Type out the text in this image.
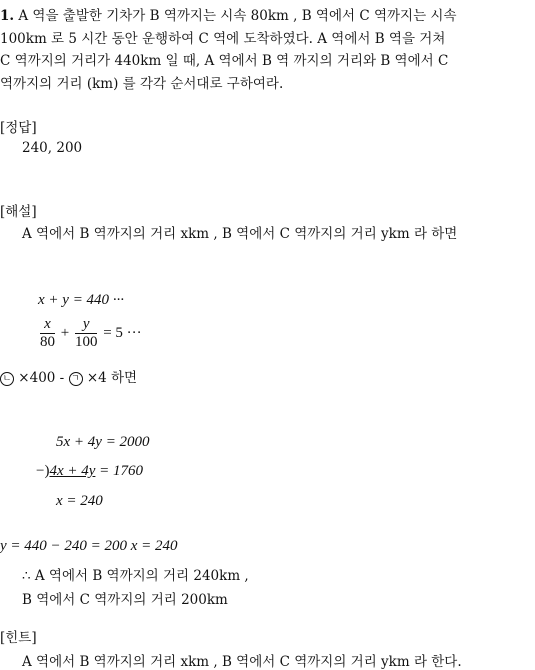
1. A 역을 출발한 기차가 B 역까지는 시속 80km , B 역에서 C 역까지는 시속
100km 로 5 시간 동안 운행하여 C 역에 도착하였다. A 역에서 B 역을 거쳐
C 역까지의 거리가 440km 일 때, A 역에서 B 역 까지의 거리와 B 역에서 C
역까지의 거리 (km) 를 각각 순서대로 구하여라.
[정답]
240, 200
[해설]
A 역에서 B 역까지의 거리 xkm , B 역에서 C 역까지의 거리 ykm 라 하면
x + y = 440 ···
$\frac{x}{80} + \frac{y}{100} = 5$ ···
ㄴ ×400 - ㄱ ×4 하면
5x + 4y = 2000
−)4x + 4y = 1760
x = 240
y = 440 − 240 = 200 x = 240
∴ A 역에서 B 역까지의 거리 240km ,
B 역에서 C 역까지의 거리 200km
[힌트]
A 역에서 B 역까지의 거리 xkm , B 역에서 C 역까지의 거리 ykm 라 한다.
